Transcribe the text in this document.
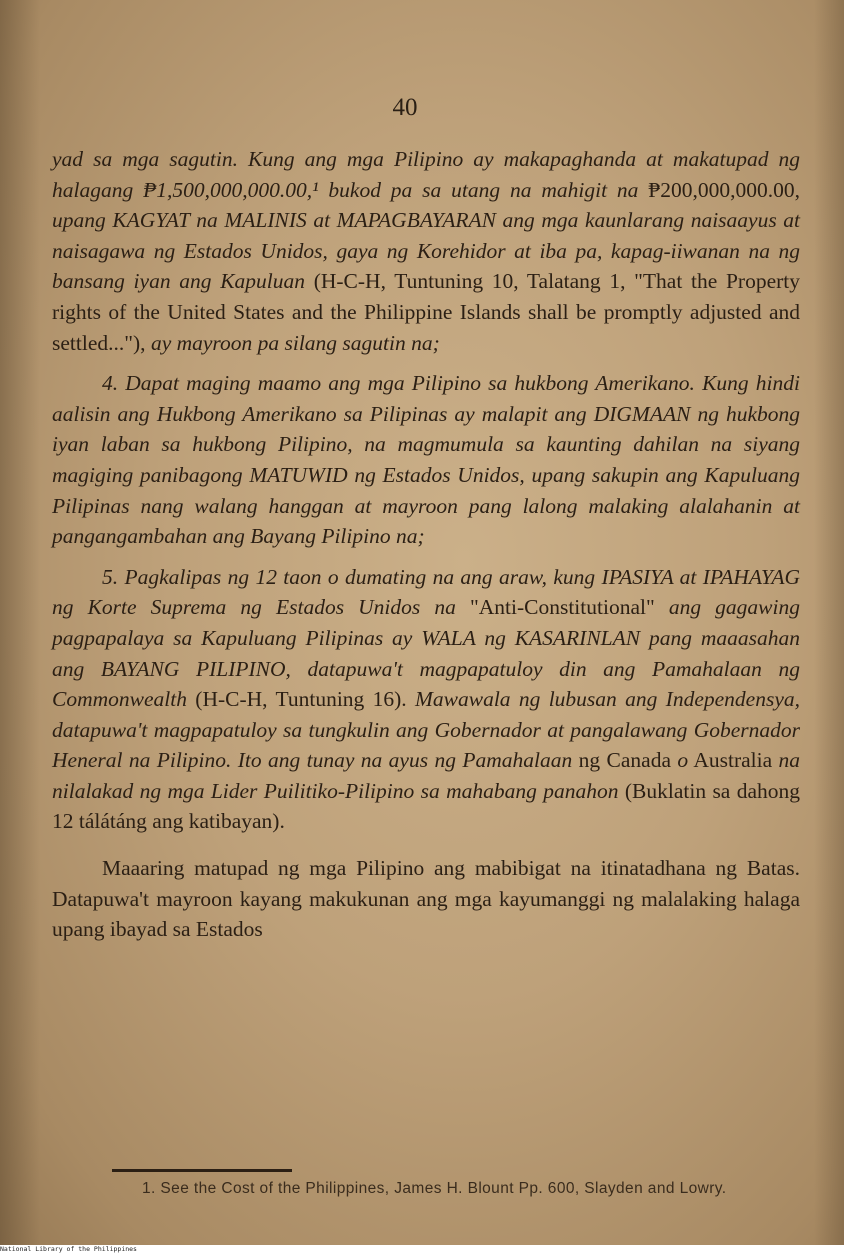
40

yad sa mga sagutin. Kung ang mga Pilipino ay makapaghanda at makatupad ng halagang ₱1,500,000,000.00,¹ bukod pa sa utang na mahigit na ₱200,000,000.00, upang KAGYAT na MALINIS at MAPAGBAYARAN ang mga kaunlarang naisaayus at naisagawa ng Estados Unidos, gaya ng Korehidor at iba pa, kapag-iiwanan na ng bansang iyan ang Kapuluan (H-C-H, Tuntuning 10, Talatang 1, "That the Property rights of the United States and the Philippine Islands shall be promptly adjusted and settled..."), ay mayroon pa silang sagutin na;

4. Dapat maging maamo ang mga Pilipino sa hukbong Amerikano. Kung hindi aalisin ang Hukbong Amerikano sa Pilipinas ay malapit ang DIGMAAN ng hukbong iyan laban sa hukbong Pilipino, na magmumula sa kaunting dahilan na siyang magiging panibagong MATUWID ng Estados Unidos, upang sakupin ang Kapuluang Pilipinas nang walang hanggan at mayroon pang lalong malaking alalahanin at pangangambahan ang Bayang Pilipino na;

5. Pagkalipas ng 12 taon o dumating na ang araw, kung IPASIYA at IPAHAYAG ng Korte Suprema ng Estados Unidos na "Anti-Constitutional" ang gagawing pagpapalaya sa Kapuluang Pilipinas ay WALA ng KASARINLAN pang maaasahan ang BAYANG PILIPINO, datapuwa't magpapatuloy din ang Pamahalaan ng Commonwealth (H-C-H, Tuntuning 16). Mawawala ng lubusan ang Independensya, datapuwa't magpapatuloy sa tungkulin ang Gobernador at pangalawang Gobernador Heneral na Pilipino. Ito ang tunay na ayus ng Pamahalaan ng Canada o Australia na nilalakad ng mga Lider Puilitiko-Pilipino sa mahabang panahon (Buklatin sa dahong 12 tálátáng ang katibayan).

Maaaring matupad ng mga Pilipino ang mabibigat na itinatadhana ng Batas. Datapuwa't mayroon kayang makukunan ang mga kayumanggi ng malalaking halaga upang ibayad sa Estados

1. See the Cost of the Philippines, James H. Blount Pp. 600, Slayden and Lowry.
National Library of the Philippines
